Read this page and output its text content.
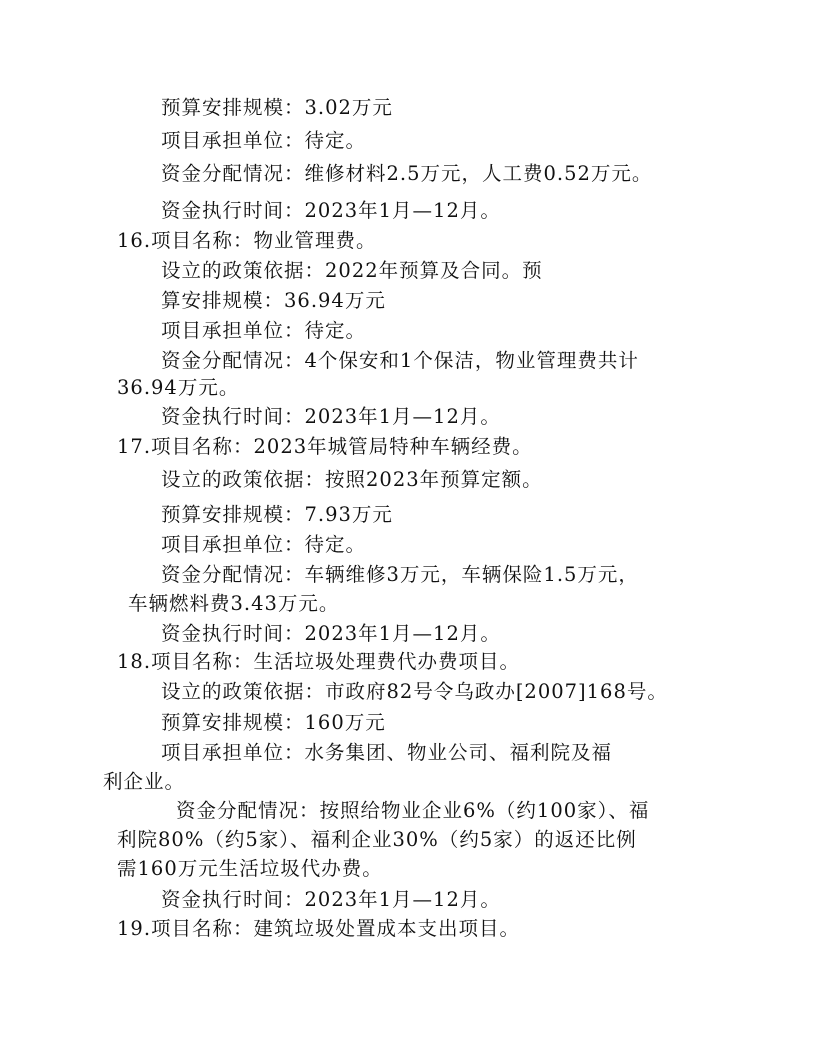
预算安排规模：3.02万元
项目承担单位：待定。
资金分配情况：维修材料2.5万元，人工费0.52万元。
资金执行时间：2023年1月—12月。
16.项目名称：物业管理费。
设立的政策依据：2022年预算及合同。预
算安排规模：36.94万元
项目承担单位：待定。
资金分配情况：4个保安和1个保洁，物业管理费共计
36.94万元。
资金执行时间：2023年1月—12月。
17.项目名称：2023年城管局特种车辆经费。
设立的政策依据：按照2023年预算定额。
预算安排规模：7.93万元
项目承担单位：待定。
资金分配情况：车辆维修3万元，车辆保险1.5万元，
车辆燃料费3.43万元。
资金执行时间：2023年1月—12月。
18.项目名称：生活垃圾处理费代办费项目。
设立的政策依据：市政府82号令乌政办[2007]168号。
预算安排规模：160万元
项目承担单位：水务集团、物业公司、福利院及福
利企业。
资金分配情况：按照给物业企业6%（约100家）、福
利院80%（约5家）、福利企业30%（约5家）的返还比例
需160万元生活垃圾代办费。
资金执行时间：2023年1月—12月。
19.项目名称：建筑垃圾处置成本支出项目。
